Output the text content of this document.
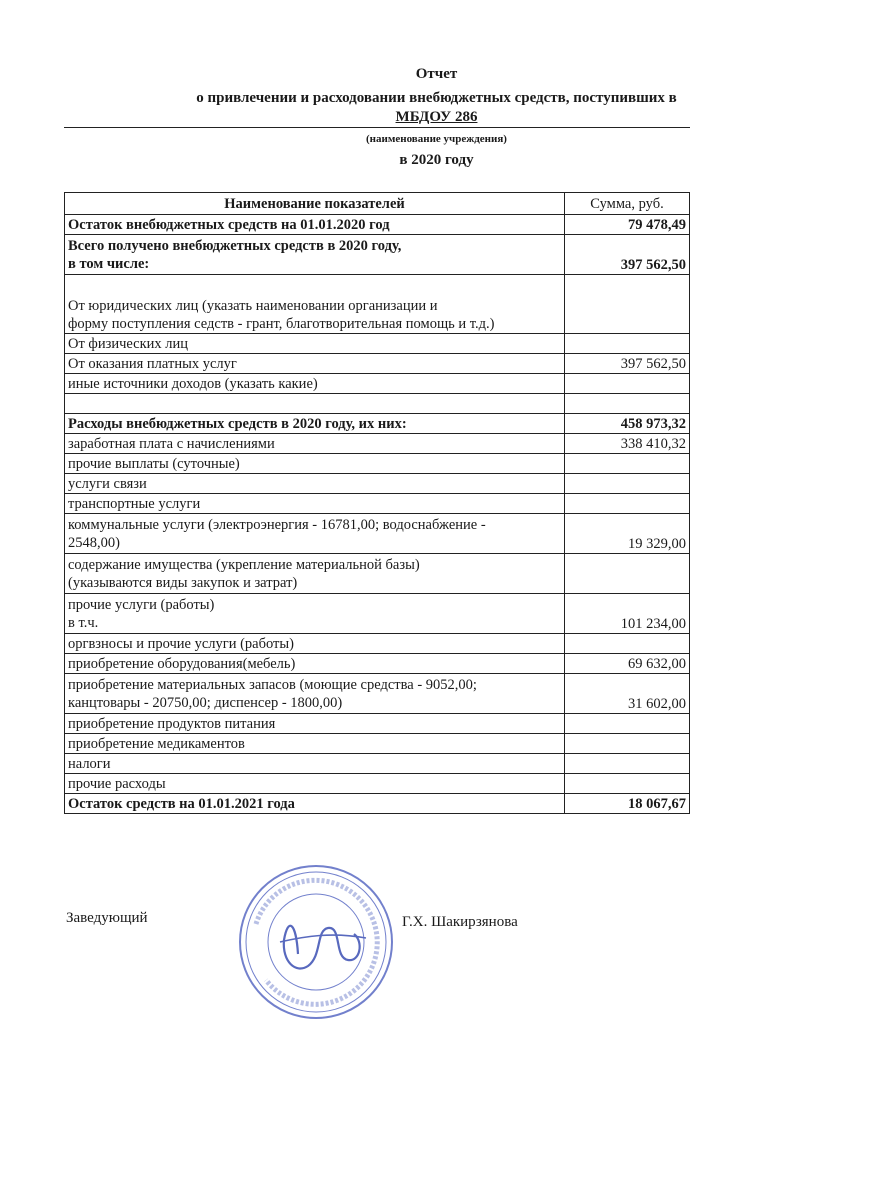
Отчет
о привлечении и расходовании внебюджетных средств, поступивших в
МБДОУ 286
(наименование учреждения)
в 2020 году
Наименование показателей	Сумма, руб.
Остаток внебюджетных средств на 01.01.2020 год	79 478,49

Всего получено внебюджетных средств в 2020 году,
в том числе:	397 562,50

От юридических лиц (указать наименовании организации и
форму поступления седств - грант, благотворительная помощь и т.д.)	

От физических лиц	
От оказания платных услуг	397 562,50
иные источники доходов (указать какие)	

Расходы внебюджетных средств в 2020 году, их них:	458 973,32
заработная плата с начислениями	338 410,32
прочие выплаты (суточные)	
услуги связи	
транспортные услуги	

коммунальные услуги (электроэнергия - 16781,00; водоснабжение -
2548,00)	19 329,00

содержание имущества (укрепление материальной базы)
(указываются виды закупок и затрат)	

прочие услуги (работы)
в т.ч.	101 234,00
оргвзносы и прочие услуги (работы)	
приобретение оборудования(мебель)	69 632,00

приобретение материальных запасов (моющие средства - 9052,00;
канцтовары - 20750,00; диспенсер - 1800,00)	31 602,00
приобретение продуктов питания	
приобретение медикаментов	
налоги	
прочие расходы	
Остаток средств на 01.01.2021 года	18 067,67
Заведующий	Г.Х. Шакирзянова
